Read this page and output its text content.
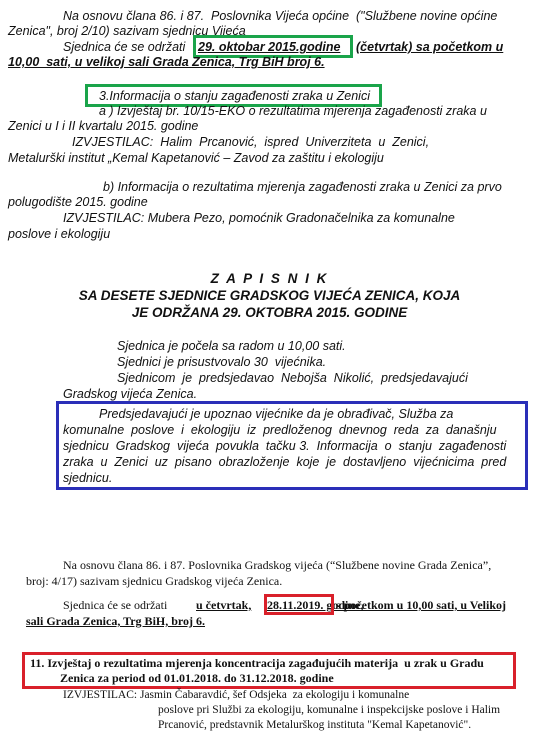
Na osnovu člana 86. i 87.  Poslovnika Vijeća općine  ("Službene novine općine

Zenica", broj 2/10) sazivam sjednicu Vijeća

Sjednica će se održati 29. oktobar 2015.godine (četvrtak) sa početkom u

10,00  sati, u velikoj sali Grada Zenica, Trg BiH broj 6.

3.Informacija o stanju zagađenosti zraka u Zenici

a ) Izvještaj br. 10/15-EKO o rezultatima mjerenja zagađenosti zraka u

Zenici u I i II kvartalu 2015. godine

IZVJESTILAC:  Halim  Prcanović,  ispred  Univerziteta  u  Zenici,

Metalurški institut „Kemal Kapetanović – Zavod za zaštitu i ekologiju

b) Informacija o rezultatima mjerenja zagađenosti zraka u Zenici za prvo

polugodište 2015. godine

IZVJESTILAC: Mubera Pezo, pomoćnik Gradonačelnika za komunalne

poslove i ekologiju

Z A P I S N I K
SA DESETE SJEDNICE GRADSKOG VIJEĆA ZENICA, KOJA
JE ODRŽANA 29. OKTOBRA 2015. GODINE

Sjednica je počela sa radom u 10,00 sati.

Sjednici je prisustvovalo 30  vijećnika.

Sjednicom  je  predsjedavao  Nebojša  Nikolić,  predsjedavajući

Gradskog vijeća Zenica.

Predsjedavajući je upoznao vijećnike da je obrađivač, Služba za

komunalne  poslove  i  ekologiju  iz  predloženog  dnevnog  reda  za  današnju

sjednicu  Gradskog  vijeća  povukla  tačku 3.  Informacija  o  stanju  zagađenosti

zraka  u  Zenici  uz  pisano  obrazloženje  koje  je  dostavljeno  vijećnicima  pred

sjednicu.

Na osnovu člana 86. i 87. Poslovnika Gradskog vijeća (“Službene novine Grada Zenica”,

broj: 4/17) sazivam sjednicu Gradskog vijeća Zenica.

Sjednica će se održati u četvrtak, 28.11.2019. godine,

s početkom u 10,00 sati, u Velikoj

sali Grada Zenica, Trg BiH, broj 6.

11. Izvještaj o rezultatima mjerenja koncentracija zagađujućih materija  u zrak u Gradu

Zenica za period od 01.01.2018. do 31.12.2018. godine

IZVJESTILAC: Jasmin Čabaravdić, šef Odsjeka  za ekologiju i komunalne

poslove pri Službi za ekologiju, komunalne i inspekcijske poslove i Halim

Prcanović, predstavnik Metalurškog instituta "Kemal Kapetanović".
